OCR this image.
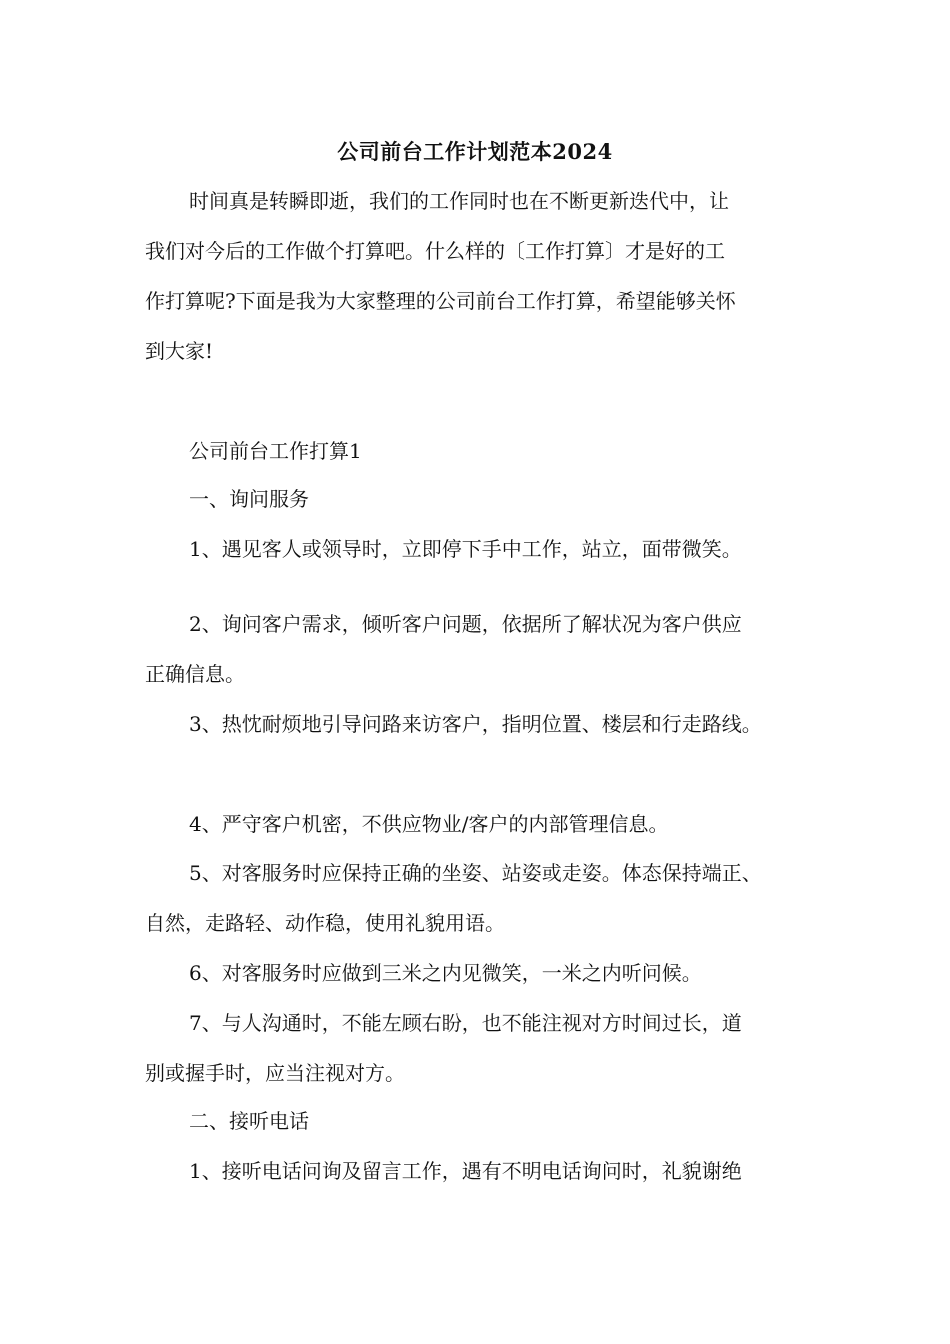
公司前台工作计划范本2024

时间真是转瞬即逝，我们的工作同时也在不断更新迭代中，让
我们对今后的工作做个打算吧。什么样的〔工作打算〕才是好的工
作打算呢?下面是我为大家整理的公司前台工作打算，希望能够关怀
到大家!

公司前台工作打算1

一、询问服务

1、遇见客人或领导时，立即停下手中工作，站立，面带微笑。

2、询问客户需求，倾听客户问题，依据所了解状况为客户供应
正确信息。

3、热忱耐烦地引导问路来访客户，指明位置、楼层和行走路线。

4、严守客户机密，不供应物业/客户的内部管理信息。

5、对客服务时应保持正确的坐姿、站姿或走姿。体态保持端正、
自然，走路轻、动作稳，使用礼貌用语。

6、对客服务时应做到三米之内见微笑，一米之内听问候。

7、与人沟通时，不能左顾右盼，也不能注视对方时间过长，道
别或握手时，应当注视对方。

二、接听电话

1、接听电话问询及留言工作，遇有不明电话询问时，礼貌谢绝
